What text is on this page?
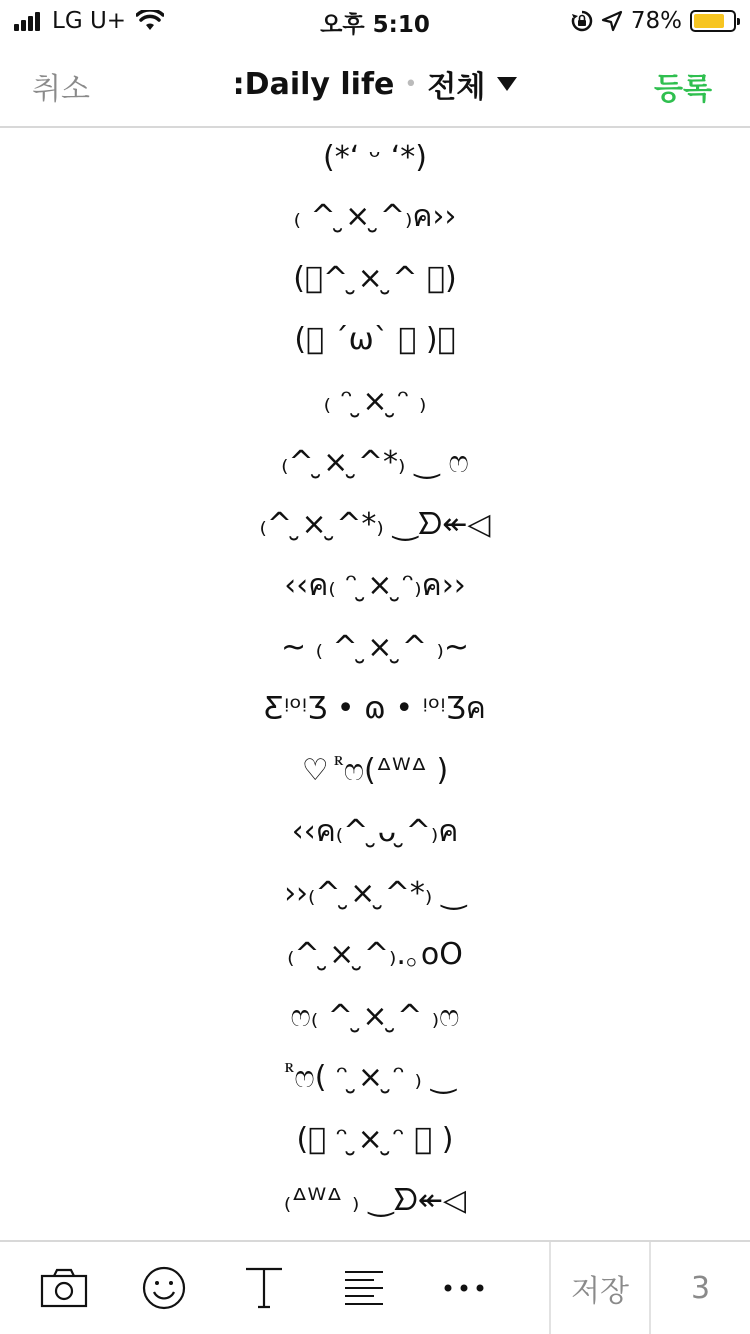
LG U+	오후 5:10	78%
취소	:Daily life • 전체	등록
(*ʻ ᵕ ʻ*)
₍ ^ ̮× ̮^₎ค››
(ᷢ^ ̮× ̮^ ᷢ)
(ᷢ ´ω` ᷢ )ᷢ
₍ ᵔ ̮× ̮ᵔ ₎
₍^ ̮× ̮^*₎ ‿ ෆ
₍^ ̮× ̮^*₎ ‿ᗤ↞◁
‹‹ค₍ ᵔ ̮× ̮ᵔ₎ค››
~ ₍ ^ ̮× ̮^ ₎~
ƸᵎᵒᵎƷ • ɷ • ᵎᵒᵎƷค
♡ ᷢෆ(ᐞᵂᐞ )
‹‹ค₍^ ̮ᴗ ̮^₎ค
››₍^ ̮× ̮^*₎ ‿
₍^ ̮× ̮^₎.｡oO
ෆ₍ ^ ̮× ̮^ ₎ෆ
ᷢෆ( ᵔ ̮× ̮ᵔ ₎ ‿
(ᷢ ᵔ ̮× ̮ᵔ ᷢ )
₍ᐞᵂᐞ ₎ ‿ᗤ↞◁
저장 3
